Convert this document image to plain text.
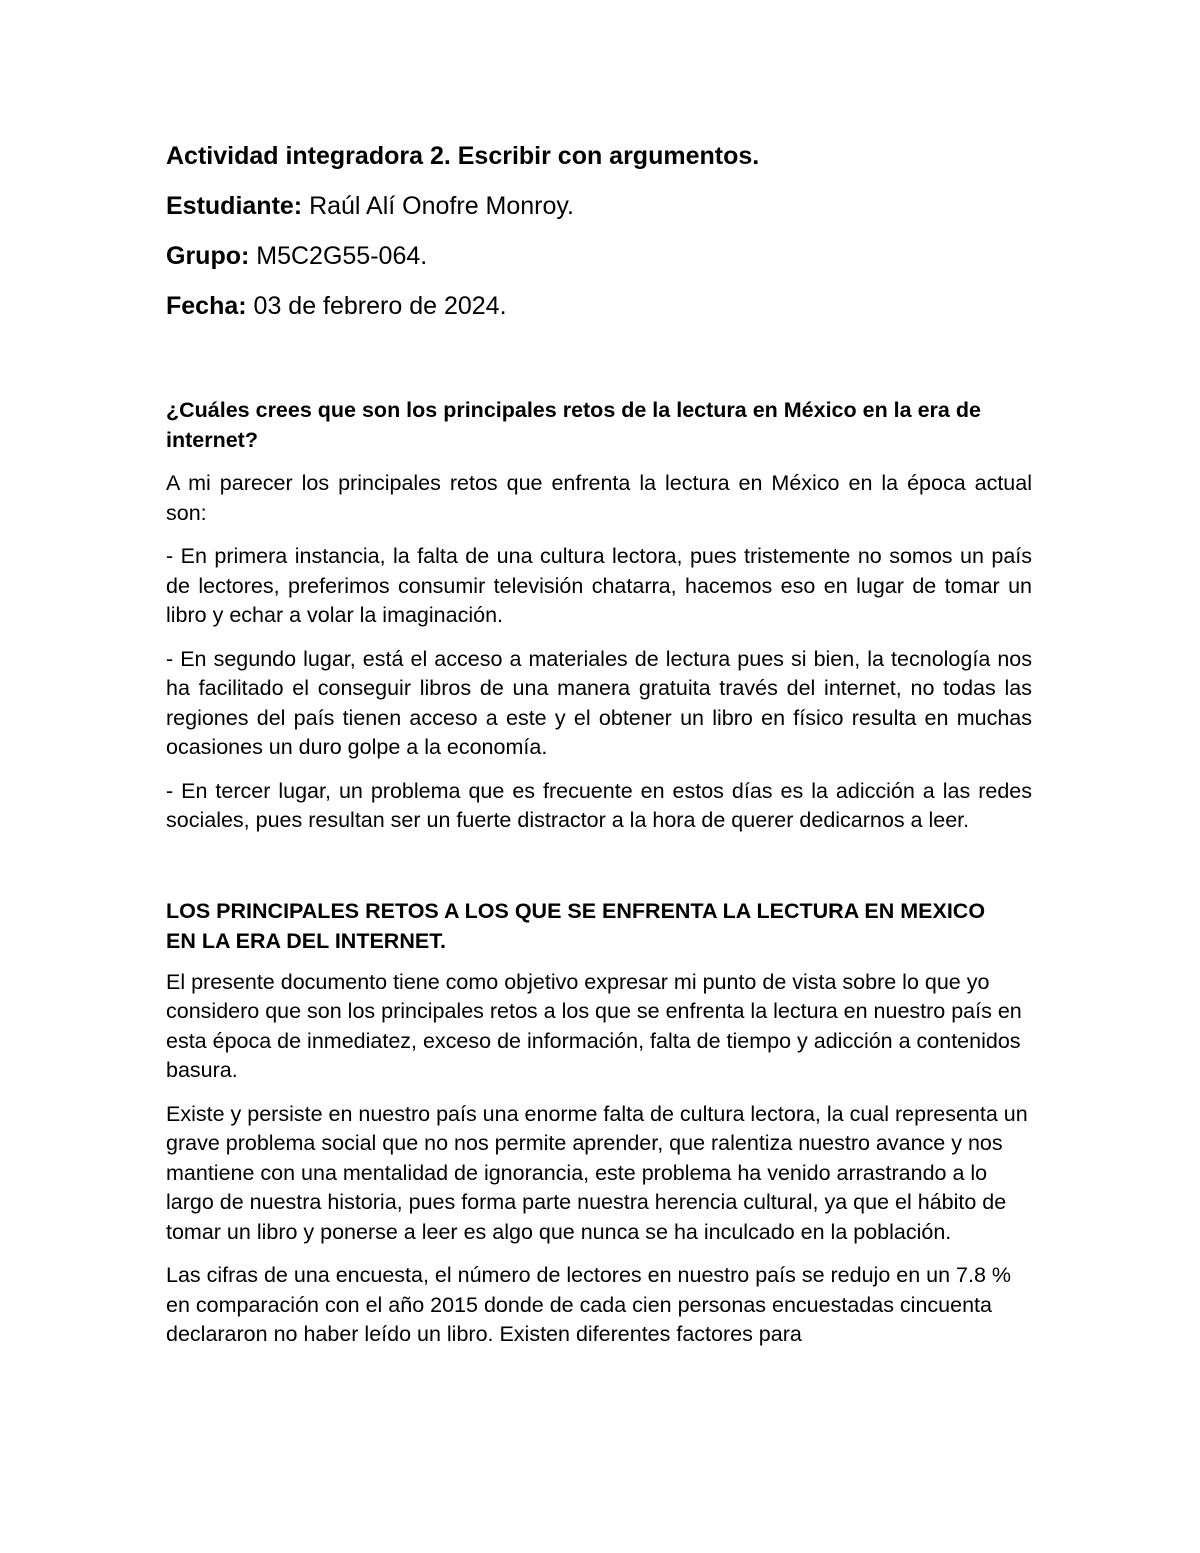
Actividad integradora 2. Escribir con argumentos.
Estudiante: Raúl Alí Onofre Monroy.
Grupo: M5C2G55-064.
Fecha: 03 de febrero de 2024.

¿Cuáles crees que son los principales retos de la lectura en México en la era de internet?

A mi parecer los principales retos que enfrenta la lectura en México en la época actual son:

- En primera instancia, la falta de una cultura lectora, pues tristemente no somos un país de lectores, preferimos consumir televisión chatarra, hacemos eso en lugar de tomar un libro y echar a volar la imaginación.

- En segundo lugar, está el acceso a materiales de lectura pues si bien, la tecnología nos ha facilitado el conseguir libros de una manera gratuita través del internet, no todas las regiones del país tienen acceso a este y el obtener un libro en físico resulta en muchas ocasiones un duro golpe a la economía.

- En tercer lugar, un problema que es frecuente en estos días es la adicción a las redes sociales, pues resultan ser un fuerte distractor a la hora de querer dedicarnos a leer.

LOS PRINCIPALES RETOS A LOS QUE SE ENFRENTA LA LECTURA EN MEXICO EN LA ERA DEL INTERNET.

El presente documento tiene como objetivo expresar mi punto de vista sobre lo que yo considero que son los principales retos a los que se enfrenta la lectura en nuestro país en esta época de inmediatez, exceso de información, falta de tiempo y adicción a contenidos basura.

Existe y persiste en nuestro país una enorme falta de cultura lectora, la cual representa un grave problema social que no nos permite aprender, que ralentiza nuestro avance y nos mantiene con una mentalidad de ignorancia, este problema ha venido arrastrando a lo largo de nuestra historia, pues forma parte nuestra herencia cultural, ya que el hábito de tomar un libro y ponerse a leer es algo que nunca se ha inculcado en la población.

Las cifras de una encuesta, el número de lectores en nuestro país se redujo en un 7.8 % en comparación con el año 2015 donde de cada cien personas encuestadas cincuenta declararon no haber leído un libro. Existen diferentes factores para
